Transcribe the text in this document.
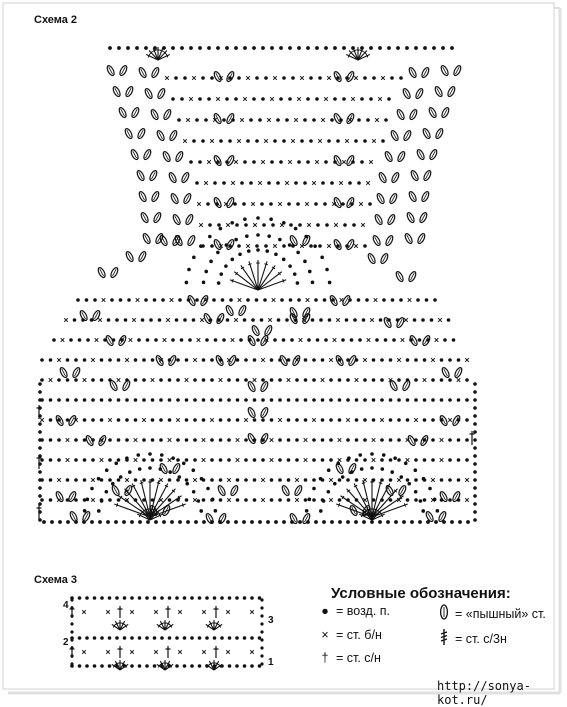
Схема 2
Схема 3
4
3
2
1
Условные обозначения:
● = возд. п.
× = ст. б/н
† = ст. с/н
= «пышный» ст.
= ст. с/3н
http://sonya-kot.ru/
